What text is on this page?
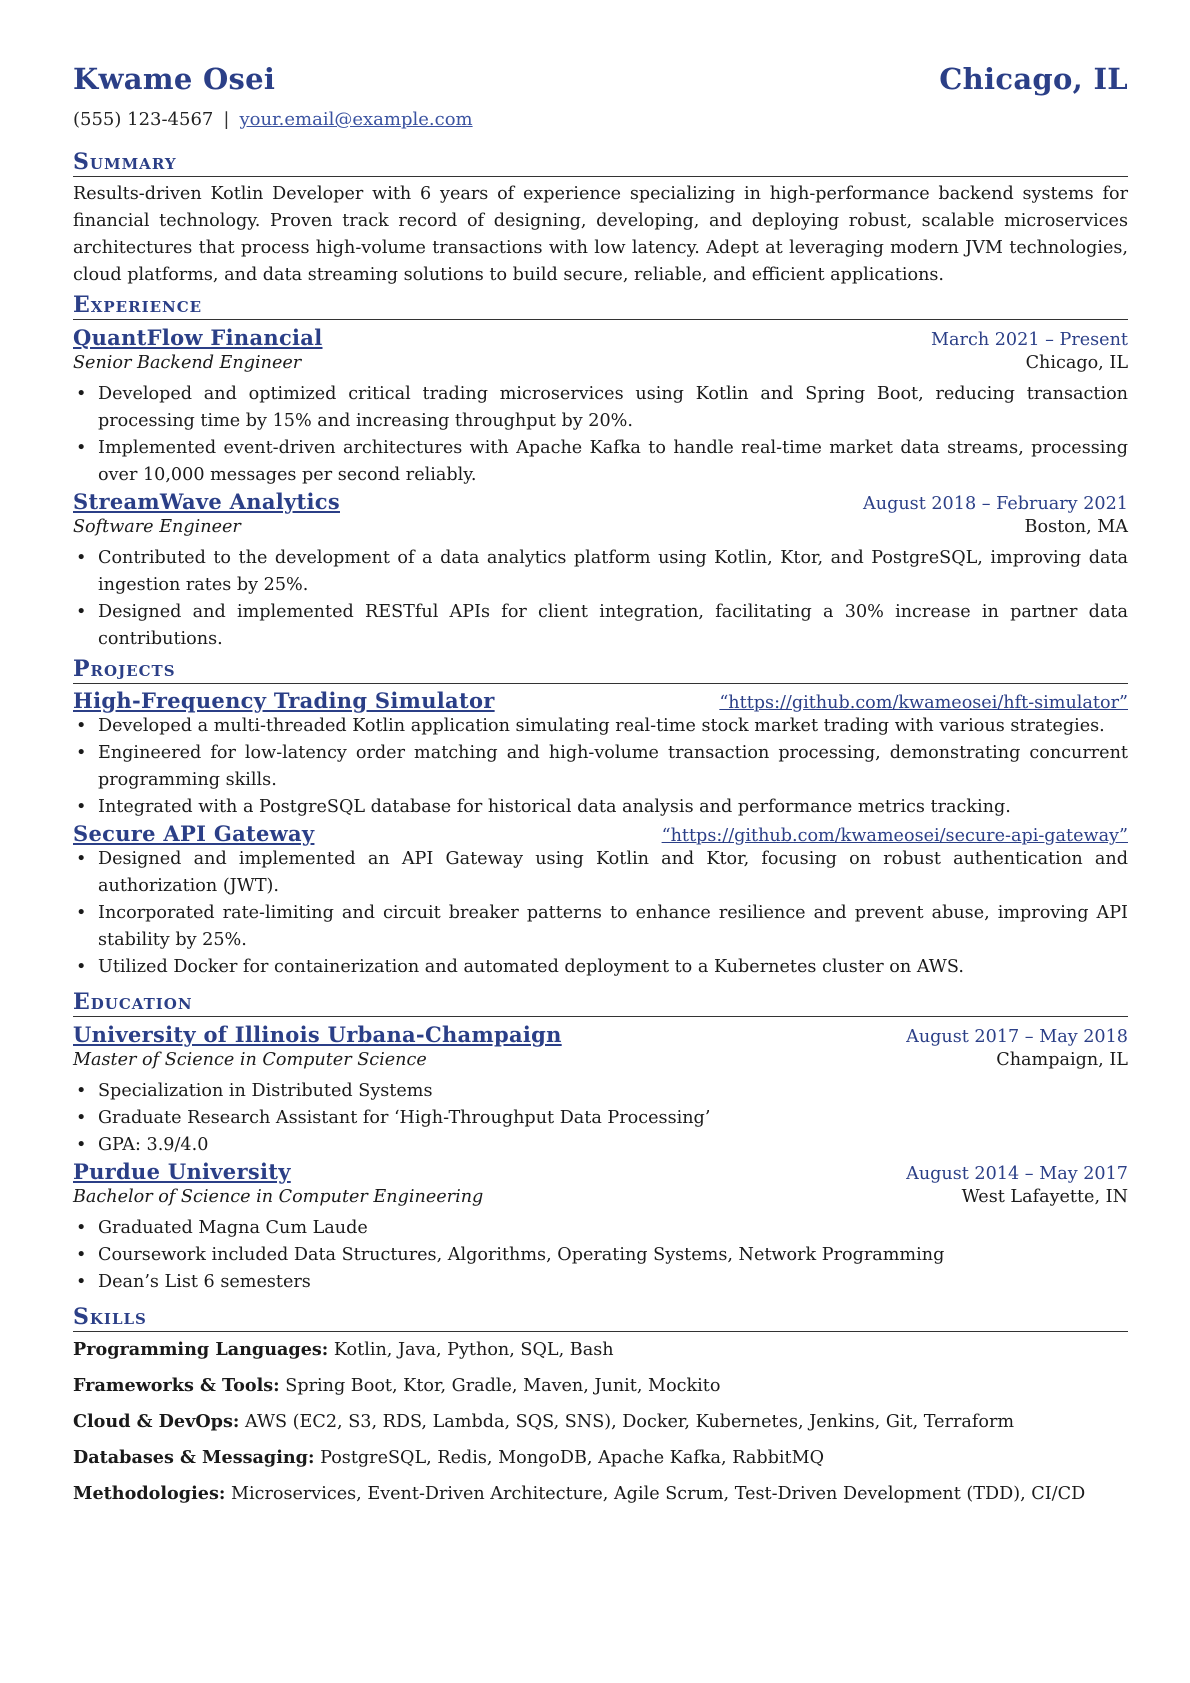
Kwame Osei	Chicago, IL
(555) 123-4567 | your.email@example.com
Summary
Results-driven Kotlin Developer with 6 years of experience specializing in high-performance backend systems for financial technology. Proven track record of designing, developing, and deploying robust, scalable microservices architectures that process high-volume transactions with low latency. Adept at leveraging modern JVM technologies, cloud platforms, and data streaming solutions to build secure, reliable, and efficient applications.
Experience
QuantFlow Financial	March 2021 – Present
Senior Backend Engineer	Chicago, IL
• Developed and optimized critical trading microservices using Kotlin and Spring Boot, reducing transaction processing time by 15% and increasing throughput by 20%.
• Implemented event-driven architectures with Apache Kafka to handle real-time market data streams, processing over 10,000 messages per second reliably.
StreamWave Analytics	August 2018 – February 2021
Software Engineer	Boston, MA
• Contributed to the development of a data analytics platform using Kotlin, Ktor, and PostgreSQL, improving data ingestion rates by 25%.
• Designed and implemented RESTful APIs for client integration, facilitating a 30% increase in partner data contributions.
Projects
High-Frequency Trading Simulator	“https://github.com/kwameosei/hft-simulator”
• Developed a multi-threaded Kotlin application simulating real-time stock market trading with various strategies.
• Engineered for low-latency order matching and high-volume transaction processing, demonstrating concurrent programming skills.
• Integrated with a PostgreSQL database for historical data analysis and performance metrics tracking.
Secure API Gateway	“https://github.com/kwameosei/secure-api-gateway”
• Designed and implemented an API Gateway using Kotlin and Ktor, focusing on robust authentication and authorization (JWT).
• Incorporated rate-limiting and circuit breaker patterns to enhance resilience and prevent abuse, improving API stability by 25%.
• Utilized Docker for containerization and automated deployment to a Kubernetes cluster on AWS.
Education
University of Illinois Urbana-Champaign	August 2017 – May 2018
Master of Science in Computer Science	Champaign, IL
• Specialization in Distributed Systems
• Graduate Research Assistant for ‘High-Throughput Data Processing’
• GPA: 3.9/4.0
Purdue University	August 2014 – May 2017
Bachelor of Science in Computer Engineering	West Lafayette, IN
• Graduated Magna Cum Laude
• Coursework included Data Structures, Algorithms, Operating Systems, Network Programming
• Dean’s List 6 semesters
Skills
Programming Languages: Kotlin, Java, Python, SQL, Bash
Frameworks & Tools: Spring Boot, Ktor, Gradle, Maven, Junit, Mockito
Cloud & DevOps: AWS (EC2, S3, RDS, Lambda, SQS, SNS), Docker, Kubernetes, Jenkins, Git, Terraform
Databases & Messaging: PostgreSQL, Redis, MongoDB, Apache Kafka, RabbitMQ
Methodologies: Microservices, Event-Driven Architecture, Agile Scrum, Test-Driven Development (TDD), CI/CD
